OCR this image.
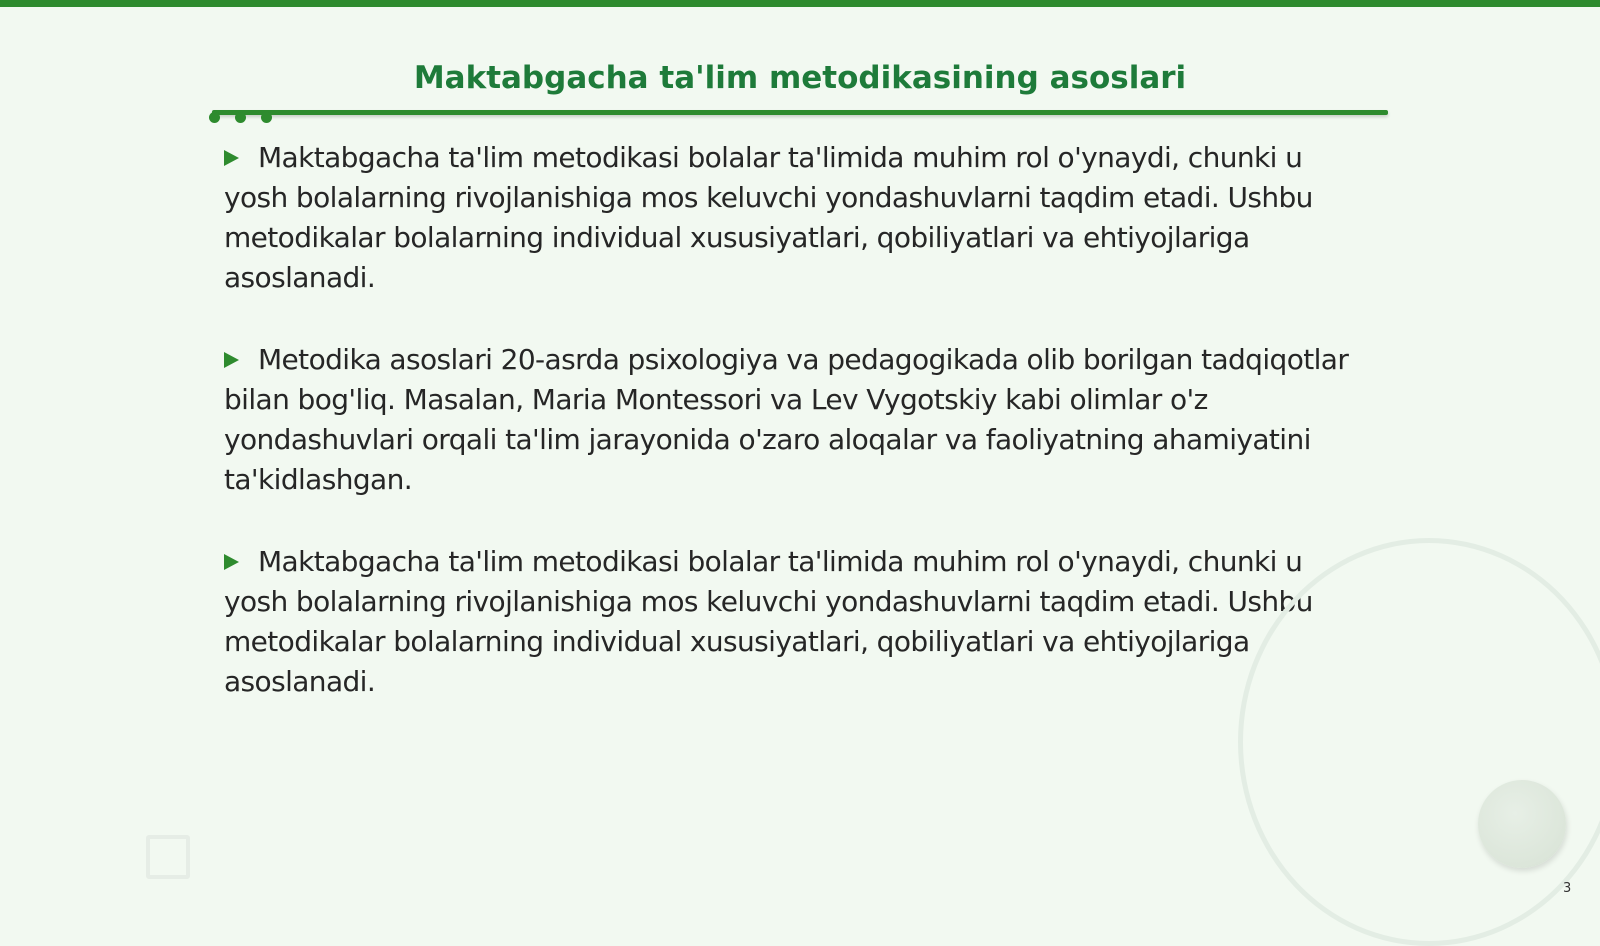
Maktabgacha ta'lim metodikasining asoslari

Maktabgacha ta'lim metodikasi bolalar ta'limida muhim rol o'ynaydi, chunki u yosh bolalarning rivojlanishiga mos keluvchi yondashuvlarni taqdim etadi. Ushbu metodikalar bolalarning individual xususiyatlari, qobiliyatlari va ehtiyojlariga asoslanadi.

Metodika asoslari 20-asrda psixologiya va pedagogikada olib borilgan tadqiqotlar bilan bog'liq. Masalan, Maria Montessori va Lev Vygotskiy kabi olimlar o'z yondashuvlari orqali ta'lim jarayonida o'zaro aloqalar va faoliyatning ahamiyatini ta'kidlashgan.

Maktabgacha ta'lim metodikasi bolalar ta'limida muhim rol o'ynaydi, chunki u yosh bolalarning rivojlanishiga mos keluvchi yondashuvlarni taqdim etadi. Ushbu metodikalar bolalarning individual xususiyatlari, qobiliyatlari va ehtiyojlariga asoslanadi.

3
